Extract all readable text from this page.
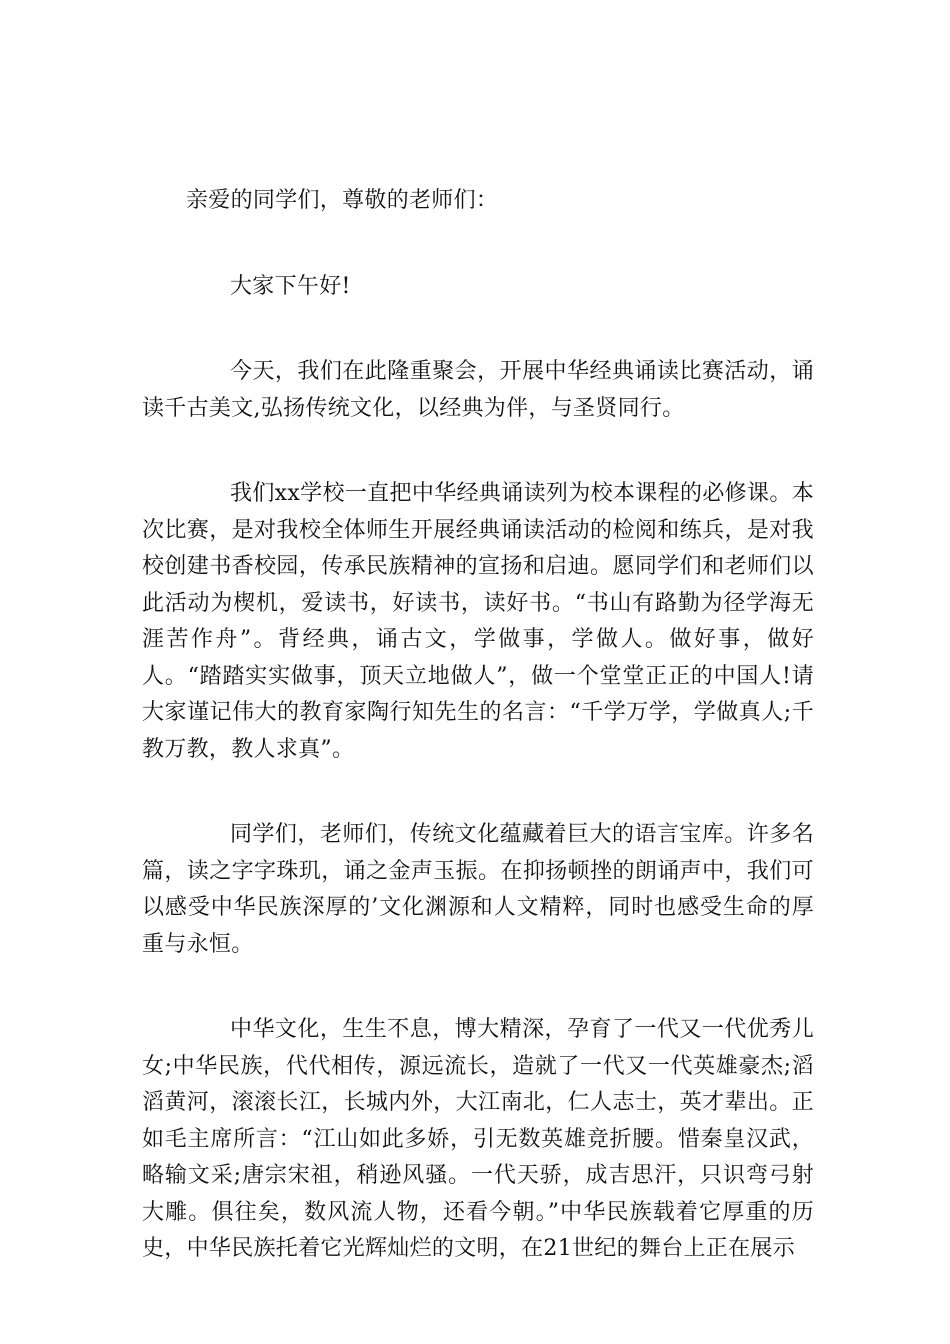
亲爱的同学们，尊敬的老师们：

大家下午好!

今天，我们在此隆重聚会，开展中华经典诵读比赛活动，诵读千古美文,弘扬传统文化，以经典为伴，与圣贤同行。

我们xx学校一直把中华经典诵读列为校本课程的必修课。本次比赛，是对我校全体师生开展经典诵读活动的检阅和练兵，是对我校创建书香校园，传承民族精神的宣扬和启迪。愿同学们和老师们以此活动为楔机，爱读书，好读书，读好书。“书山有路勤为径学海无涯苦作舟”。背经典，诵古文，学做事，学做人。做好事，做好人。“踏踏实实做事，顶天立地做人”，做一个堂堂正正的中国人!请大家谨记伟大的教育家陶行知先生的名言：“千学万学，学做真人;千教万教，教人求真”。

同学们，老师们，传统文化蕴藏着巨大的语言宝库。许多名篇，读之字字珠玑，诵之金声玉振。在抑扬顿挫的朗诵声中，我们可以感受中华民族深厚的’文化渊源和人文精粹，同时也感受生命的厚重与永恒。

中华文化，生生不息，博大精深，孕育了一代又一代优秀儿女;中华民族，代代相传，源远流长，造就了一代又一代英雄豪杰;滔滔黄河，滚滚长江，长城内外，大江南北，仁人志士，英才辈出。正如毛主席所言：“江山如此多娇，引无数英雄竞折腰。惜秦皇汉武，略输文采;唐宗宋祖，稍逊风骚。一代天骄，成吉思汗，只识弯弓射大雕。俱往矣，数风流人物，还看今朝。”中华民族载着它厚重的历史，中华民族托着它光辉灿烂的文明，在21世纪的舞台上正在展示
